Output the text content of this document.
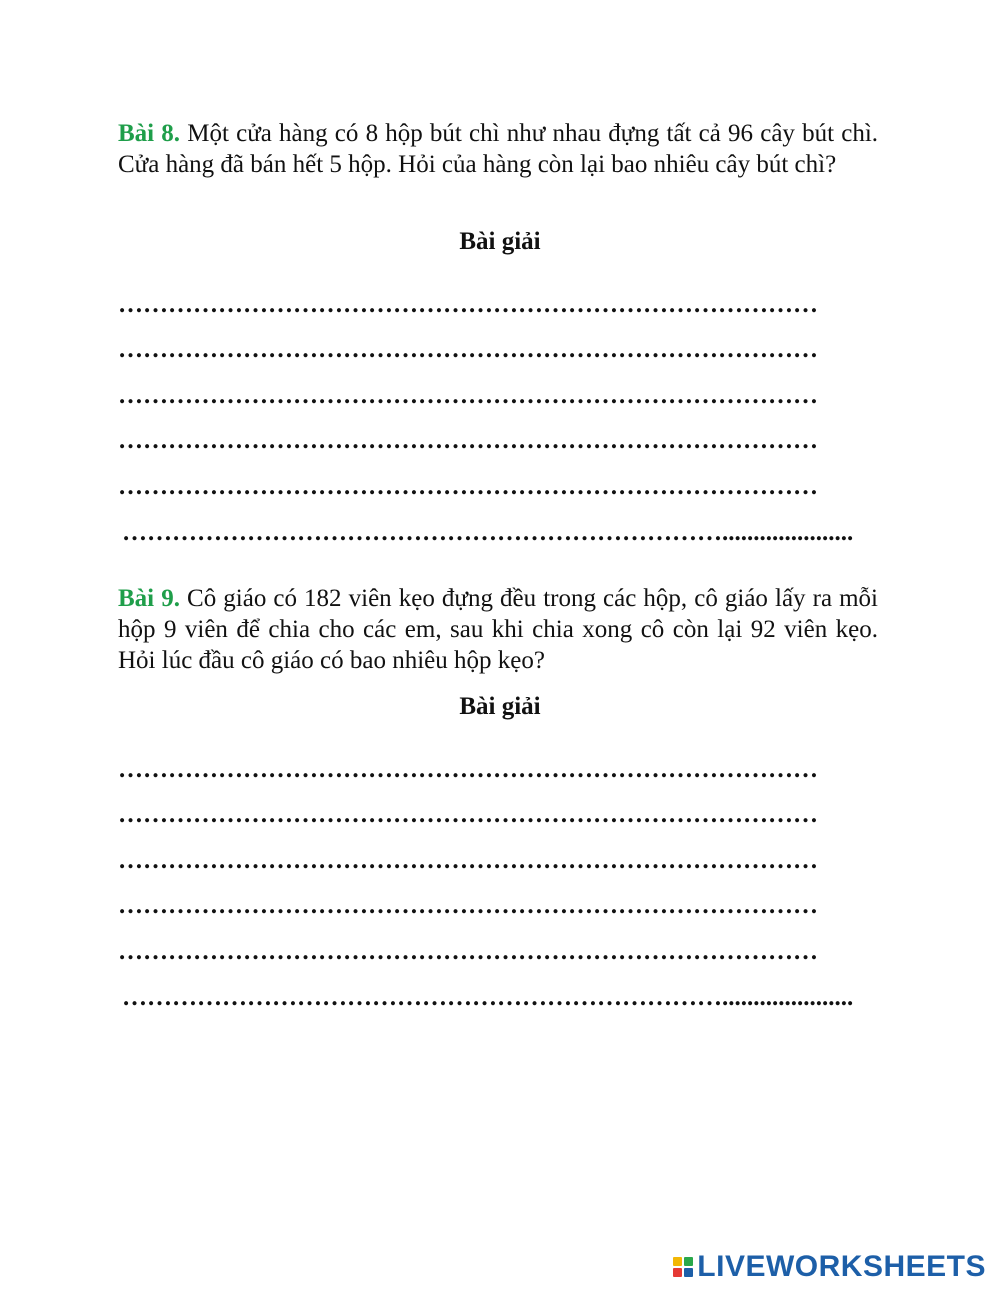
Bài 8. Một cửa hàng có 8 hộp bút chì như nhau đựng tất cả 96 cây bút chì. Cửa hàng đã bán hết 5 hộp. Hỏi của hàng còn lại bao nhiêu cây bút chì?
Bài giải
…………………………………………………………………………
…………………………………………………………………………
…………………………………………………………………………
…………………………………………………………………………
…………………………………………………………………………
……………………………………………………………….....................
Bài 9. Cô giáo có 182 viên kẹo đựng đều trong các hộp, cô giáo lấy ra mỗi hộp 9 viên để chia cho các em, sau khi chia xong cô còn lại 92 viên kẹo. Hỏi lúc đầu cô giáo có bao nhiêu hộp kẹo?
Bài giải
…………………………………………………………………………
…………………………………………………………………………
…………………………………………………………………………
…………………………………………………………………………
…………………………………………………………………………
……………………………………………………………….....................
LIVEWORKSHEETS
